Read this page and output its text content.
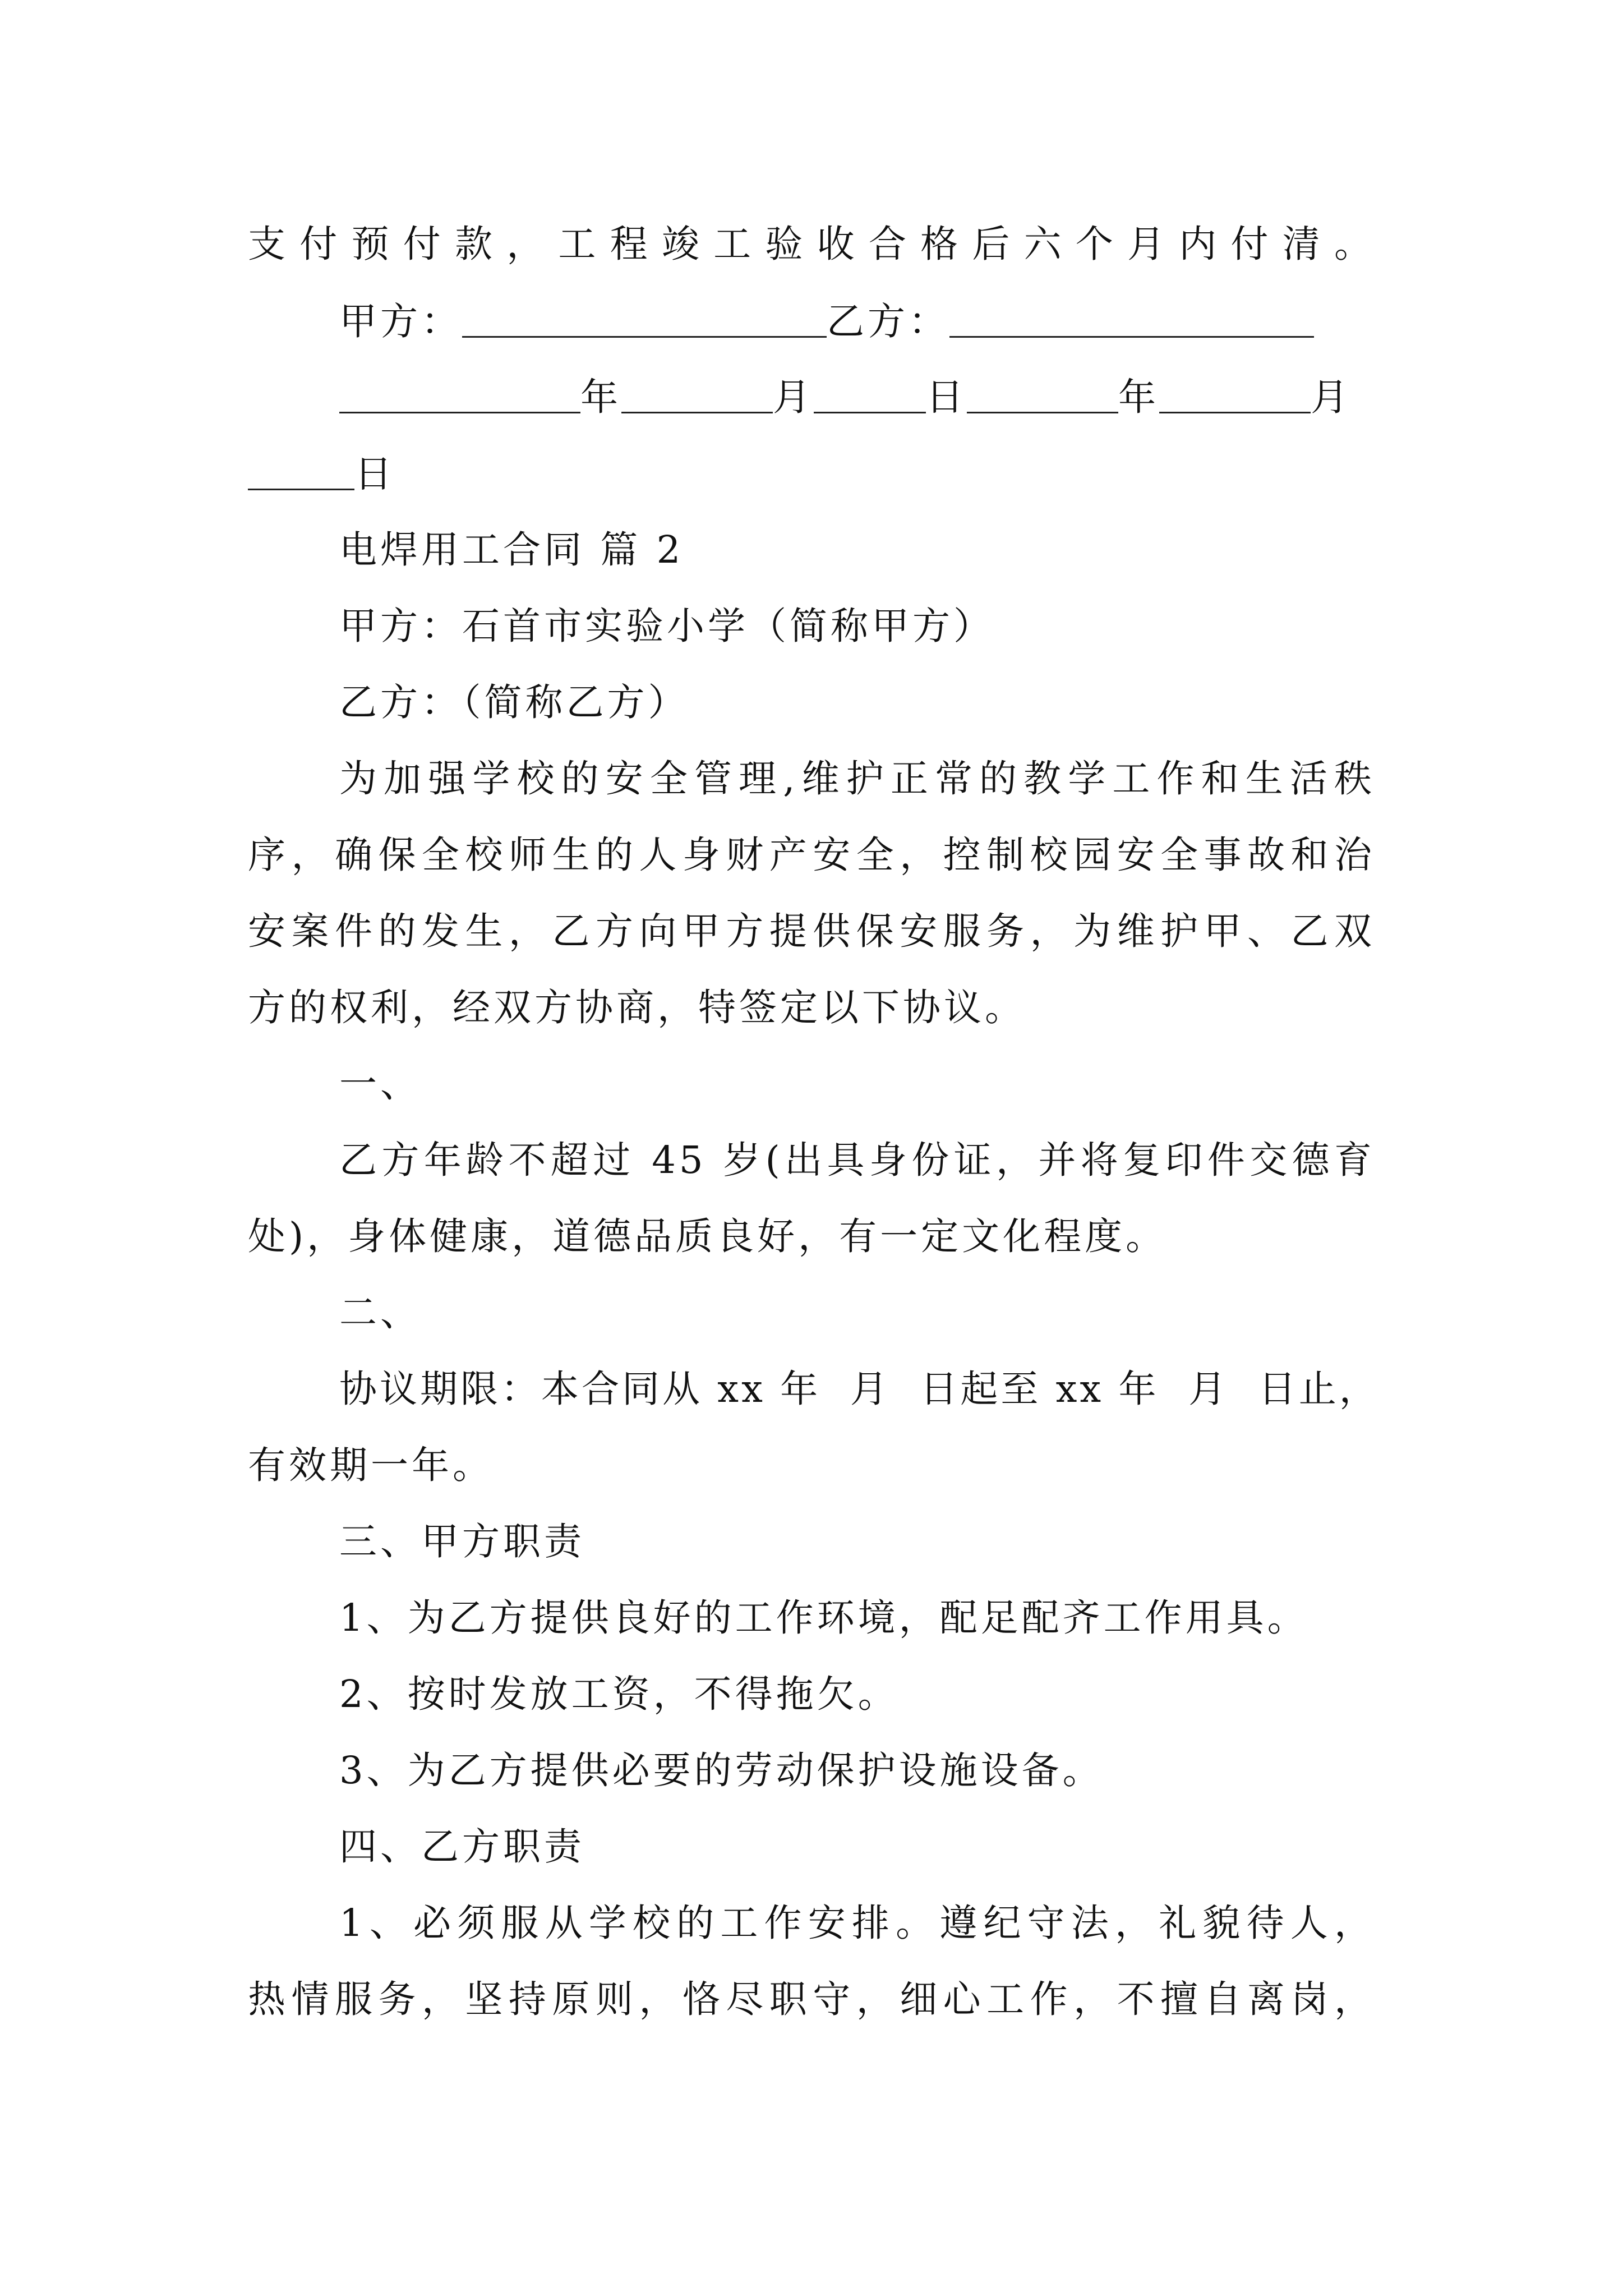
支付预付款，工程竣工验收合格后六个月内付清。
甲方：	乙方：
年	月	日	年	月
日
电焊用工合同 篇 2
甲方：石首市实验小学（简称甲方）
乙方：（简称乙方）
为加强学校的安全管理,维护正常的教学工作和生活秩
序，确保全校师生的人身财产安全，控制校园安全事故和治
安案件的发生，乙方向甲方提供保安服务，为维护甲、乙双
方的权利，经双方协商，特签定以下协议。
一、
乙方年龄不超过 45 岁(出具身份证，并将复印件交德育
处)，身体健康，道德品质良好，有一定文化程度。
二、
协议期限：本合同从 xx 年  月  日起至 xx 年  月  日止，
有效期一年。
三、甲方职责
1、为乙方提供良好的工作环境，配足配齐工作用具。
2、按时发放工资，不得拖欠。
3、为乙方提供必要的劳动保护设施设备。
四、乙方职责
1、必须服从学校的工作安排。遵纪守法，礼貌待人，
热情服务，坚持原则，恪尽职守，细心工作，不擅自离岗，
